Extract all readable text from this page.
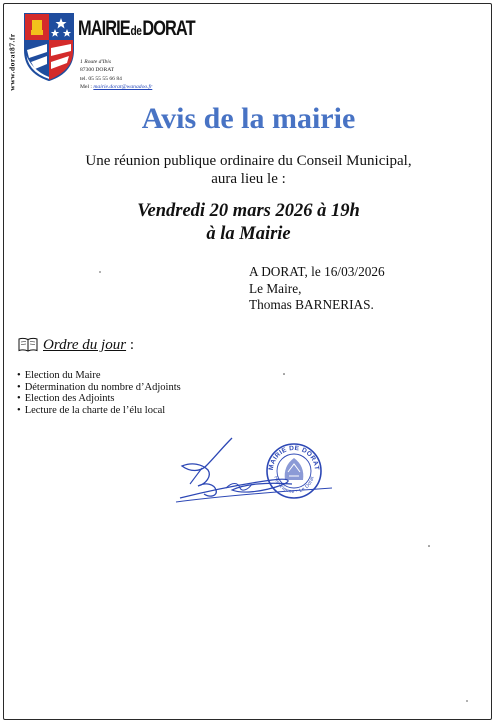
www.dorat87.fr
MAIRIEdeDORAT
1 Route d'Ibis
87300 DORAT
tel. 05 55 55 66 84
Mel : mairie.dorat@wanadoo.fr
Avis de la mairie
Une réunion publique ordinaire du Conseil Municipal,
aura lieu le :
Vendredi 20 mars 2026 à 19h
à la Mairie
A DORAT, le 16/03/2026
Le Maire,
Thomas BARNERIAS.
Ordre du jour :
• Election du Maire
• Détermination du nombre d’Adjoints
• Election des Adjoints
• Lecture de la charte de l’élu local
MAIRIE DE DORAT
Hte-Vienne · Le Dorat
